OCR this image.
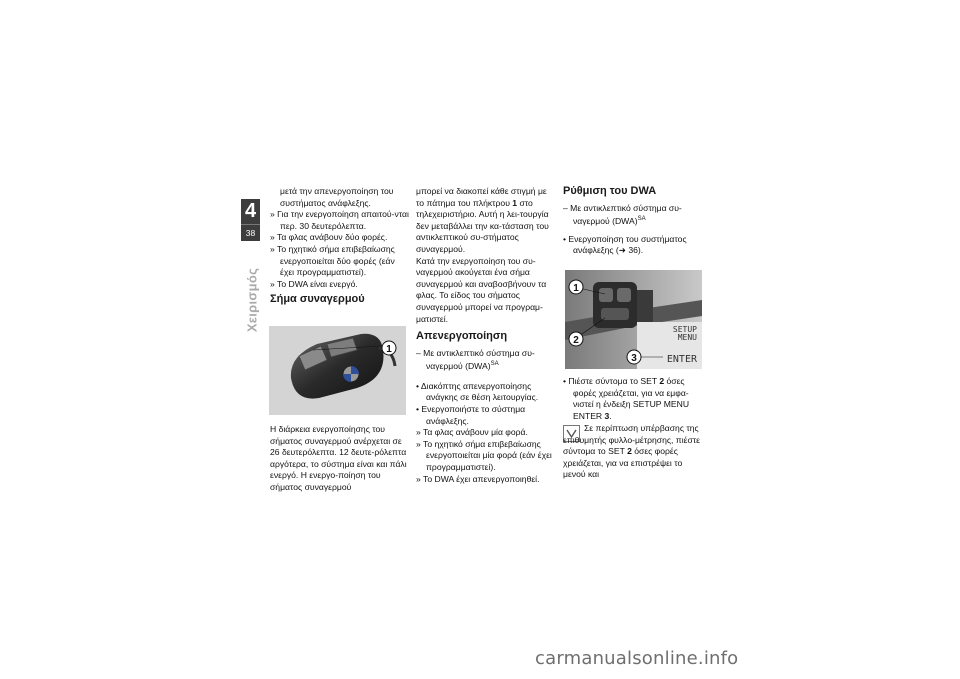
4
38
Χειρισμός

μετά την απενεργοποίηση του συστήματος ανάφλεξης.

» Για την ενεργοποίηση απαιτού-νται περ. 30 δευτερόλεπτα.

» Τα φλας ανάβουν δύο φορές.

» Το ηχητικό σήμα επιβεβαίωσης ενεργοποιείται δύο φορές (εάν έχει προγραμματιστεί).

» Το DWA είναι ενεργό.

Σήμα συναγερμού
1

Η διάρκεια ενεργοποίησης του σήματος συναγερμού ανέρχεται σε 26 δευτερόλεπτα. 12 δευτε-ρόλεπτα αργότερα, το σύστημα είναι και πάλι ενεργό. Η ενεργο-ποίηση του σήματος συναγερμού

μπορεί να διακοπεί κάθε στιγμή με το πάτημα του πλήκτρου 1 στο τηλεχειριστήριο. Αυτή η λει-τουργία δεν μεταβάλλει την κα-τάσταση του αντικλεπτικού συ-στήματος συναγερμού.

Κατά την ενεργοποίηση του συ-ναγερμού ακούγεται ένα σήμα συναγερμού και αναβοσβήνουν τα φλας. Το είδος του σήματος συναγερμού μπορεί να προγραμ-ματιστεί.

Απενεργοποίηση

– Με αντικλεπτικό σύστημα συ-ναγερμού (DWA)$^{SA}$

• Διακόπτης απενεργοποίησης ανάγκης σε θέση λειτουργίας.

• Ενεργοποιήστε το σύστημα ανάφλεξης.

» Τα φλας ανάβουν μία φορά.

» Το ηχητικό σήμα επιβεβαίωσης ενεργοποιείται μία φορά (εάν έχει προγραμματιστεί).

» Το DWA έχει απενεργοποιηθεί.

Ρύθμιση του DWA

– Με αντικλεπτικό σύστημα συ-ναγερμού (DWA)$^{SA}$

• Ενεργοποίηση του συστήματος ανάφλεξης (➜ 36).

SETUP
MENU
ENTER
1
2
3

• Πιέστε σύντομα το SET 2 όσες φορές χρειάζεται, για να εμφα-νιστεί η ένδειξη SETUP MENU ENTER 3.

Σε περίπτωση υπέρβασης της επιθυμητής φυλλο-μέτρησης, πιέστε σύντομα το SET 2 όσες φορές χρειάζεται, για να επιστρέψει το μενού και

carmanualsonline.info
